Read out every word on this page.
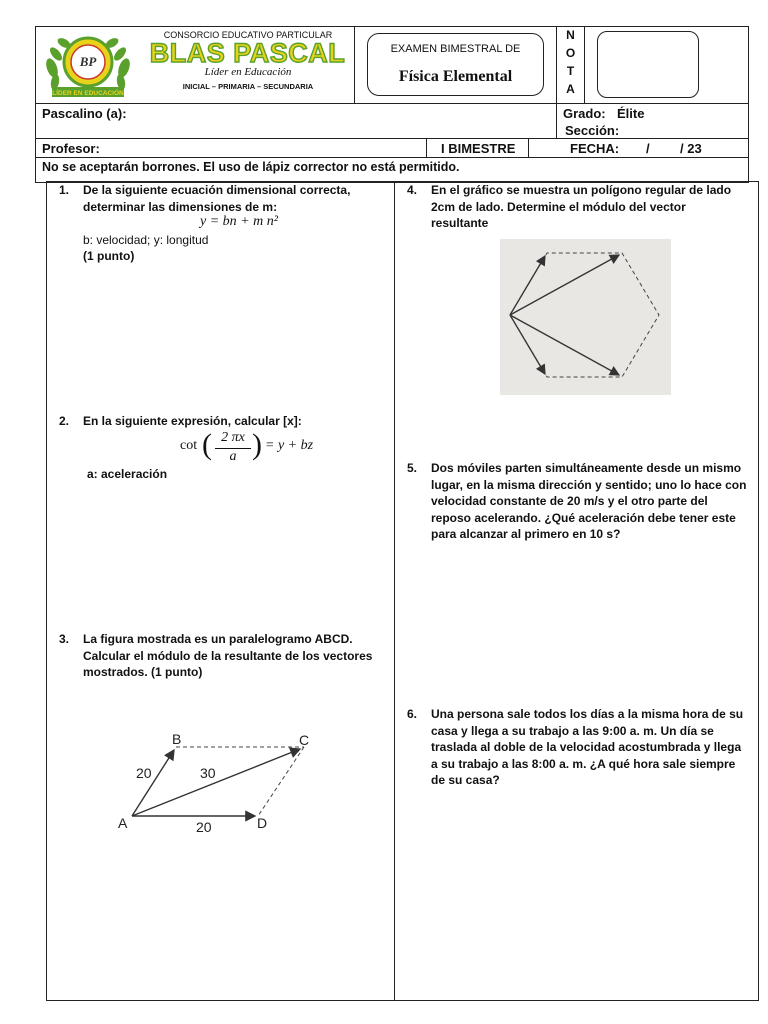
BP
LÍDER EN EDUCACIÓN
CONSORCIO EDUCATIVO PARTICULAR
BLAS PASCAL
Líder en Educación
INICIAL – PRIMARIA – SECUNDARIA
EXAMEN BIMESTRAL DE
Física Elemental
N
O
T
A
Pascalino (a):	Grado: Élite
Sección:
Profesor:	I BIMESTRE	FECHA: / / 23
No se aceptarán borrones. El uso de lápiz corrector no está permitido.
1.	De la siguiente ecuación dimensional correcta, determinar las dimensiones de m:
y = bn + m n²
b: velocidad; y: longitud
(1 punto)
2.	En la siguiente expresión, calcular [x]:
cot ( 2 πx
a ) = y + bz
a: aceleración
3.	La figura mostrada es un paralelogramo ABCD. Calcular el módulo de la resultante de los vectores mostrados. (1 punto)
A
B	C
D
20	30
20
4.	En el gráfico se muestra un polígono regular de lado 2cm de lado. Determine el módulo del vector resultante
5.	Dos móviles parten simultáneamente desde un mismo lugar, en la misma dirección y sentido; uno lo hace con velocidad constante de 20 m/s y el otro parte del reposo acelerando. ¿Qué aceleración debe tener este para alcanzar al primero en 10 s?
6.	Una persona sale todos los días a la misma hora de su casa y llega a su trabajo a las 9:00 a. m. Un día se traslada al doble de la velocidad acostumbrada y llega a su trabajo a las 8:00 a. m. ¿A qué hora sale siempre de su casa?
